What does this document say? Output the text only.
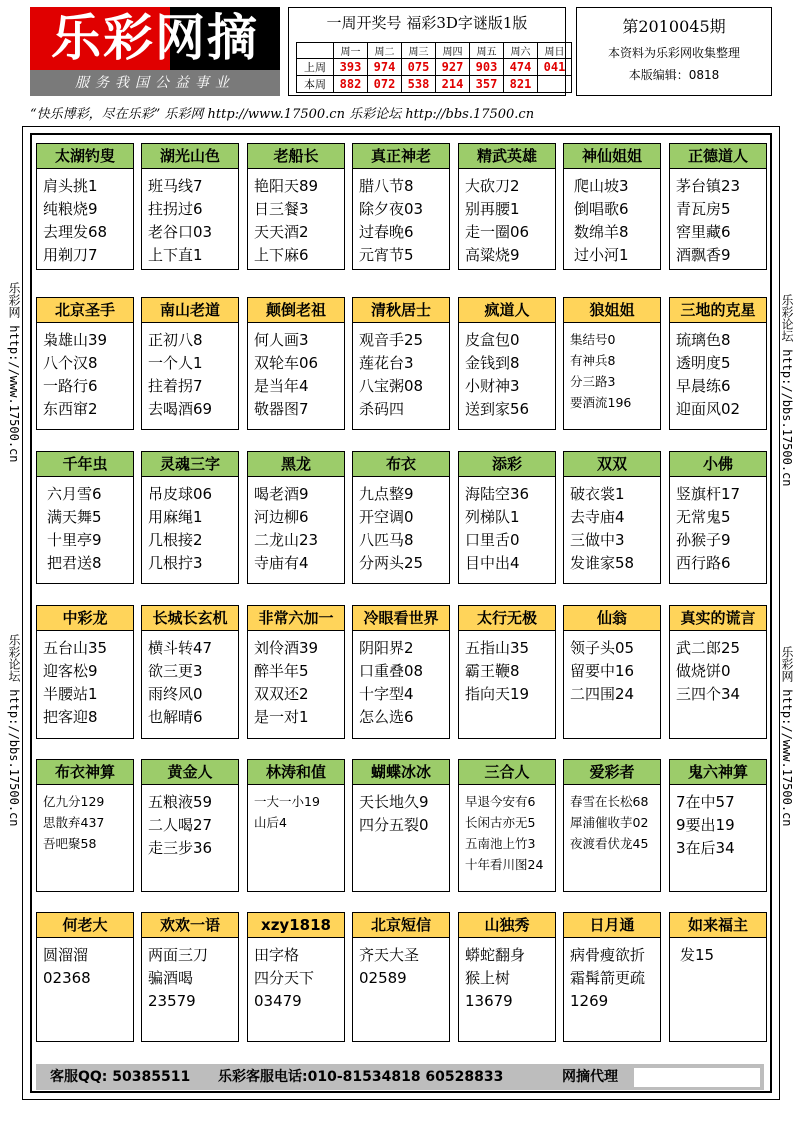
乐彩网摘
服务我国公益事业
一周开奖号 福彩3D字谜版1版
	周一	周二	周三	周四	周五	周六	周日
上周	393	974	075	927	903	474	041
本周	882	072	538	214	357	821	
第2010045期
本资料为乐彩网收集整理
本版编辑：0818
“快乐博彩，尽在乐彩” 乐彩网 http://www.17500.cn 乐彩论坛 http://bbs.17500.cn
乐彩网 http://www.17500.cn
乐彩论坛 http://bbs.17500.cn
乐彩论坛 http://bbs.17500.cn
乐彩网 http://www.17500.cn
太湖钓叟
肩头挑1
纯粮烧9
去理发68
用剃刀7
湖光山色
班马线7
拄拐过6
老谷口03
上下直1
老船长
艳阳天89
日三餐3
天天酒2
上下麻6
真正神老
腊八节8
除夕夜03
过春晚6
元宵节5
精武英雄
大砍刀2
别再腰1
走一圈06
高粱烧9
神仙姐姐
爬山坡3
倒唱歌6
数绵羊8
过小河1
正德道人
茅台镇23
青瓦房5
窖里藏6
酒飘香9
北京圣手
枭雄山39
八个汉8
一路行6
东西窜2
南山老道
正初八8
一个人1
拄着拐7
去喝酒69
颠倒老祖
何人画3
双轮车06
是当年4
敬器图7
清秋居士
观音手25
莲花台3
八宝粥08
杀码四
疯道人
皮盒包0
金钱到8
小财神3
送到家56
狼姐姐
集结号0
有神兵8
分三路3
要酒流196
三地的克星
琉璃色8
透明度5
早晨练6
迎面风02
千年虫
六月雪6
满天舞5
十里亭9
把君送8
灵魂三字
吊皮球06
用麻绳1
几根接2
几根拧3
黑龙
喝老酒9
河边柳6
二龙山23
寺庙有4
布衣
九点整9
开空调0
八匹马8
分两头25
添彩
海陆空36
列梯队1
口里舌0
目中出4
双双
破衣裳1
去寺庙4
三做中3
发谁家58
小佛
竖旗杆17
无常鬼5
孙猴子9
西行路6
中彩龙
五台山35
迎客松9
半腰站1
把客迎8
长城长玄机
横斗转47
欲三更3
雨终风0
也解晴6
非常六加一
刘伶酒39
醉半年5
双双还2
是一对1
冷眼看世界
阴阳界2
口重叠08
十字型4
怎么选6
太行无极
五指山35
霸王鞭8
指向天19
仙翁
领子头05
留要中16
二四围24
真实的谎言
武二郎25
做烧饼0
三四个34
布衣神算
亿九分129
思散弃437
吾吧聚58
黄金人
五粮液59
二人喝27
走三步36
林涛和值
一大一小19
山后4
蝴蝶冰冰
天长地久9
四分五裂0
三合人
早退今安有6
长闲古亦无5
五南池上竹3
十年看川图24
爱彩者
春雪在长松68
犀浦催收芋02
夜渡看伏龙45
鬼六神算
7在中57
9要出19
3在后34
何老大
圆溜溜
02368
欢欢一语
两面三刀
骗酒喝
23579
xzy1818
田字格
四分天下
03479
北京短信
齐天大圣
02589
山独秀
蟒蛇翻身
猴上树
13679
日月通
病骨瘦欲折
霜髯箭更疏
1269
如来福主
发15
客服QQ: 50385511 乐彩客服电话:010-81534818 60528833	网摘代理
